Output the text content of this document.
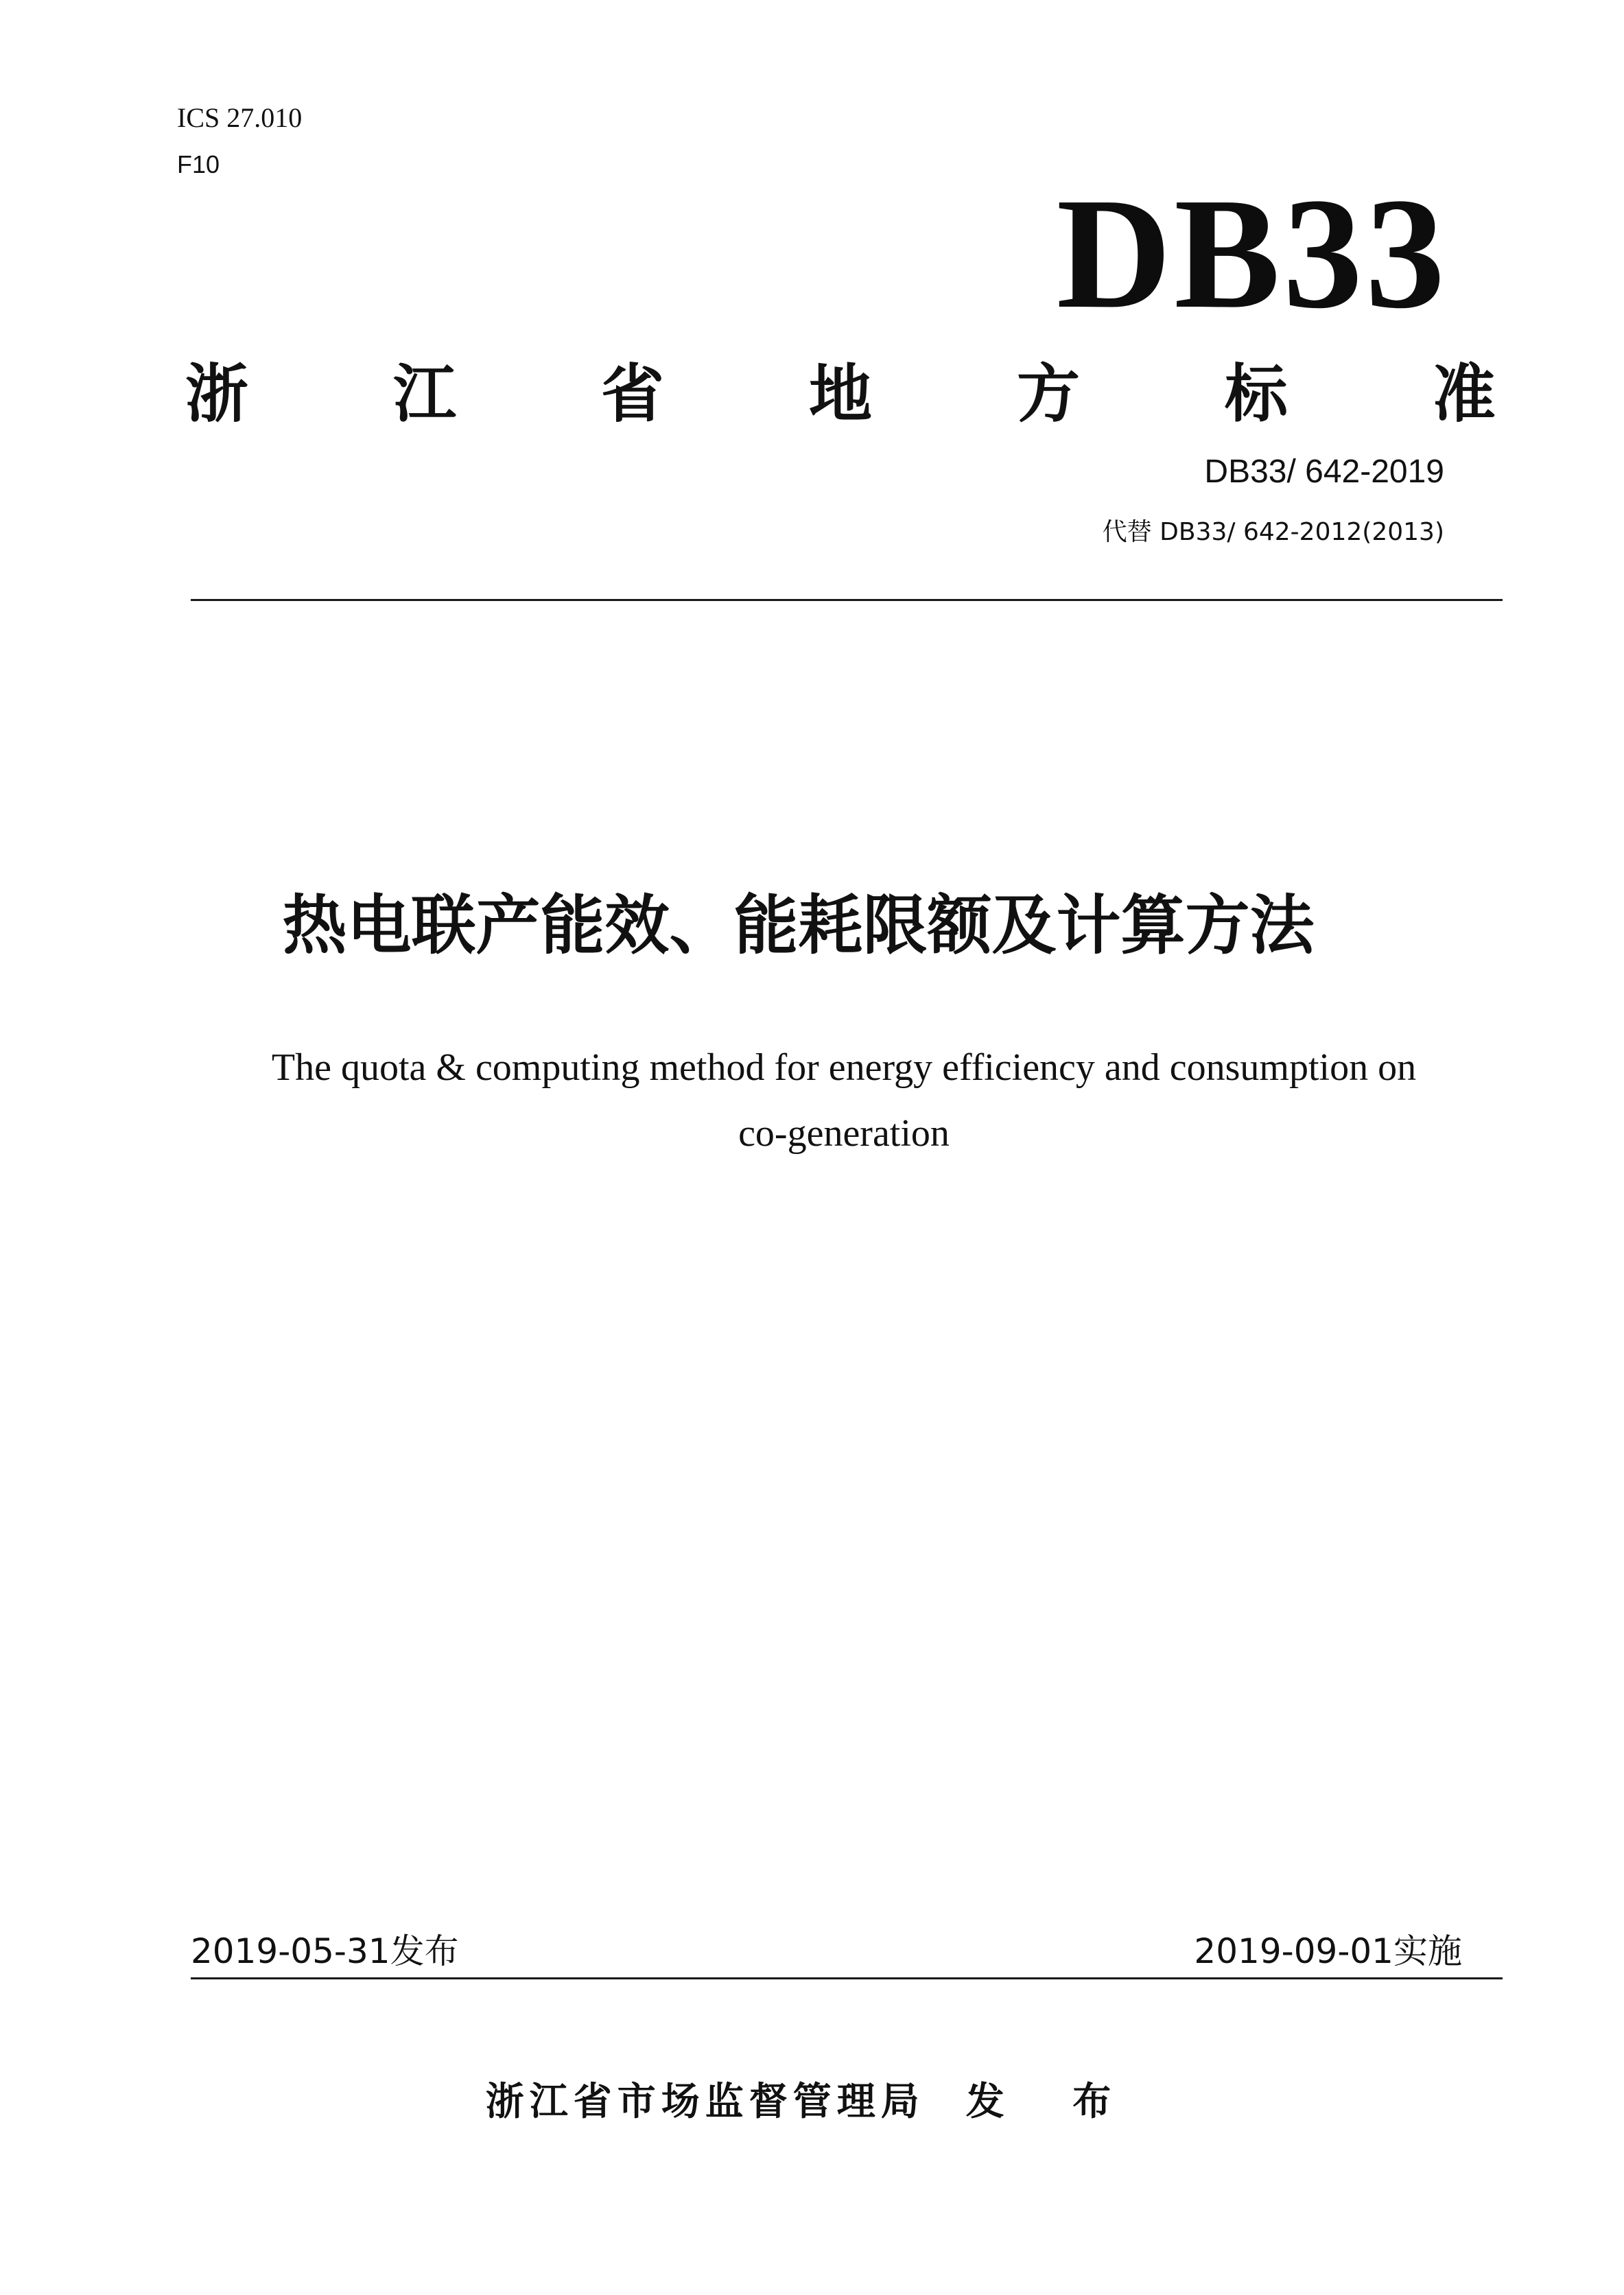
ICS 27.010
F10
DB33
浙 江 省 地 方 标 准
DB33/ 642-2019
代替 DB33/ 642-2012(2013)
热电联产能效、能耗限额及计算方法
The quota & computing method for energy efficiency and consumption on
co-generation
2019-05-31发布	2019-09-01实施
浙江省市场监督管理局 发 布
